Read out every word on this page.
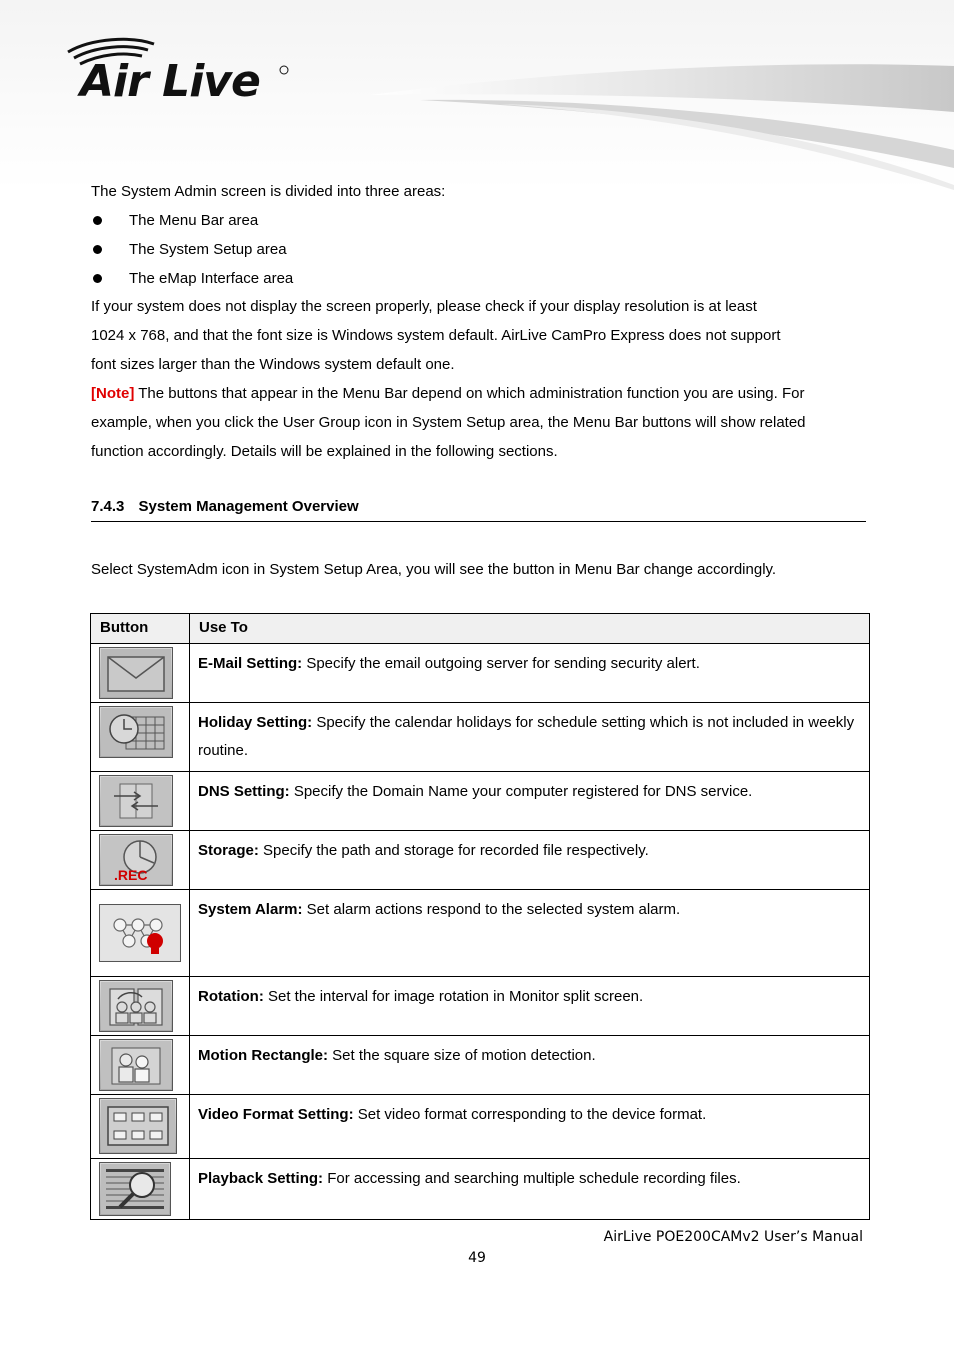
Air Live
The System Admin screen is divided into three areas:
The Menu Bar area
The System Setup area
The eMap Interface area
If your system does not display the screen properly, please check if your display resolution is at least
1024 x 768, and that the font size is Windows system default. AirLive CamPro Express does not support
font sizes larger than the Windows system default one.
[Note] The buttons that appear in the Menu Bar depend on which administration function you are using. For
example, when you click the User Group icon in System Setup area, the Menu Bar buttons will show related
function accordingly. Details will be explained in the following sections.
7.4.3 System Management Overview
Select SystemAdm icon in System Setup Area, you will see the button in Menu Bar change accordingly.
Button	Use To

	E-Mail Setting: Specify the email outgoing server for sending security alert.

	Holiday Setting: Specify the calendar holidays for schedule setting which is not included in weekly routine.

	DNS Setting: Specify the Domain Name your computer registered for DNS service.

.REC	Storage: Specify the path and storage for recorded file respectively.

	System Alarm: Set alarm actions respond to the selected system alarm.

	Rotation: Set the interval for image rotation in Monitor split screen.

	Motion Rectangle: Set the square size of motion detection.

	Video Format Setting: Set video format corresponding to the device format.

	Playback Setting: For accessing and searching multiple schedule recording files.
AirLive POE200CAMv2 User’s Manual
49
